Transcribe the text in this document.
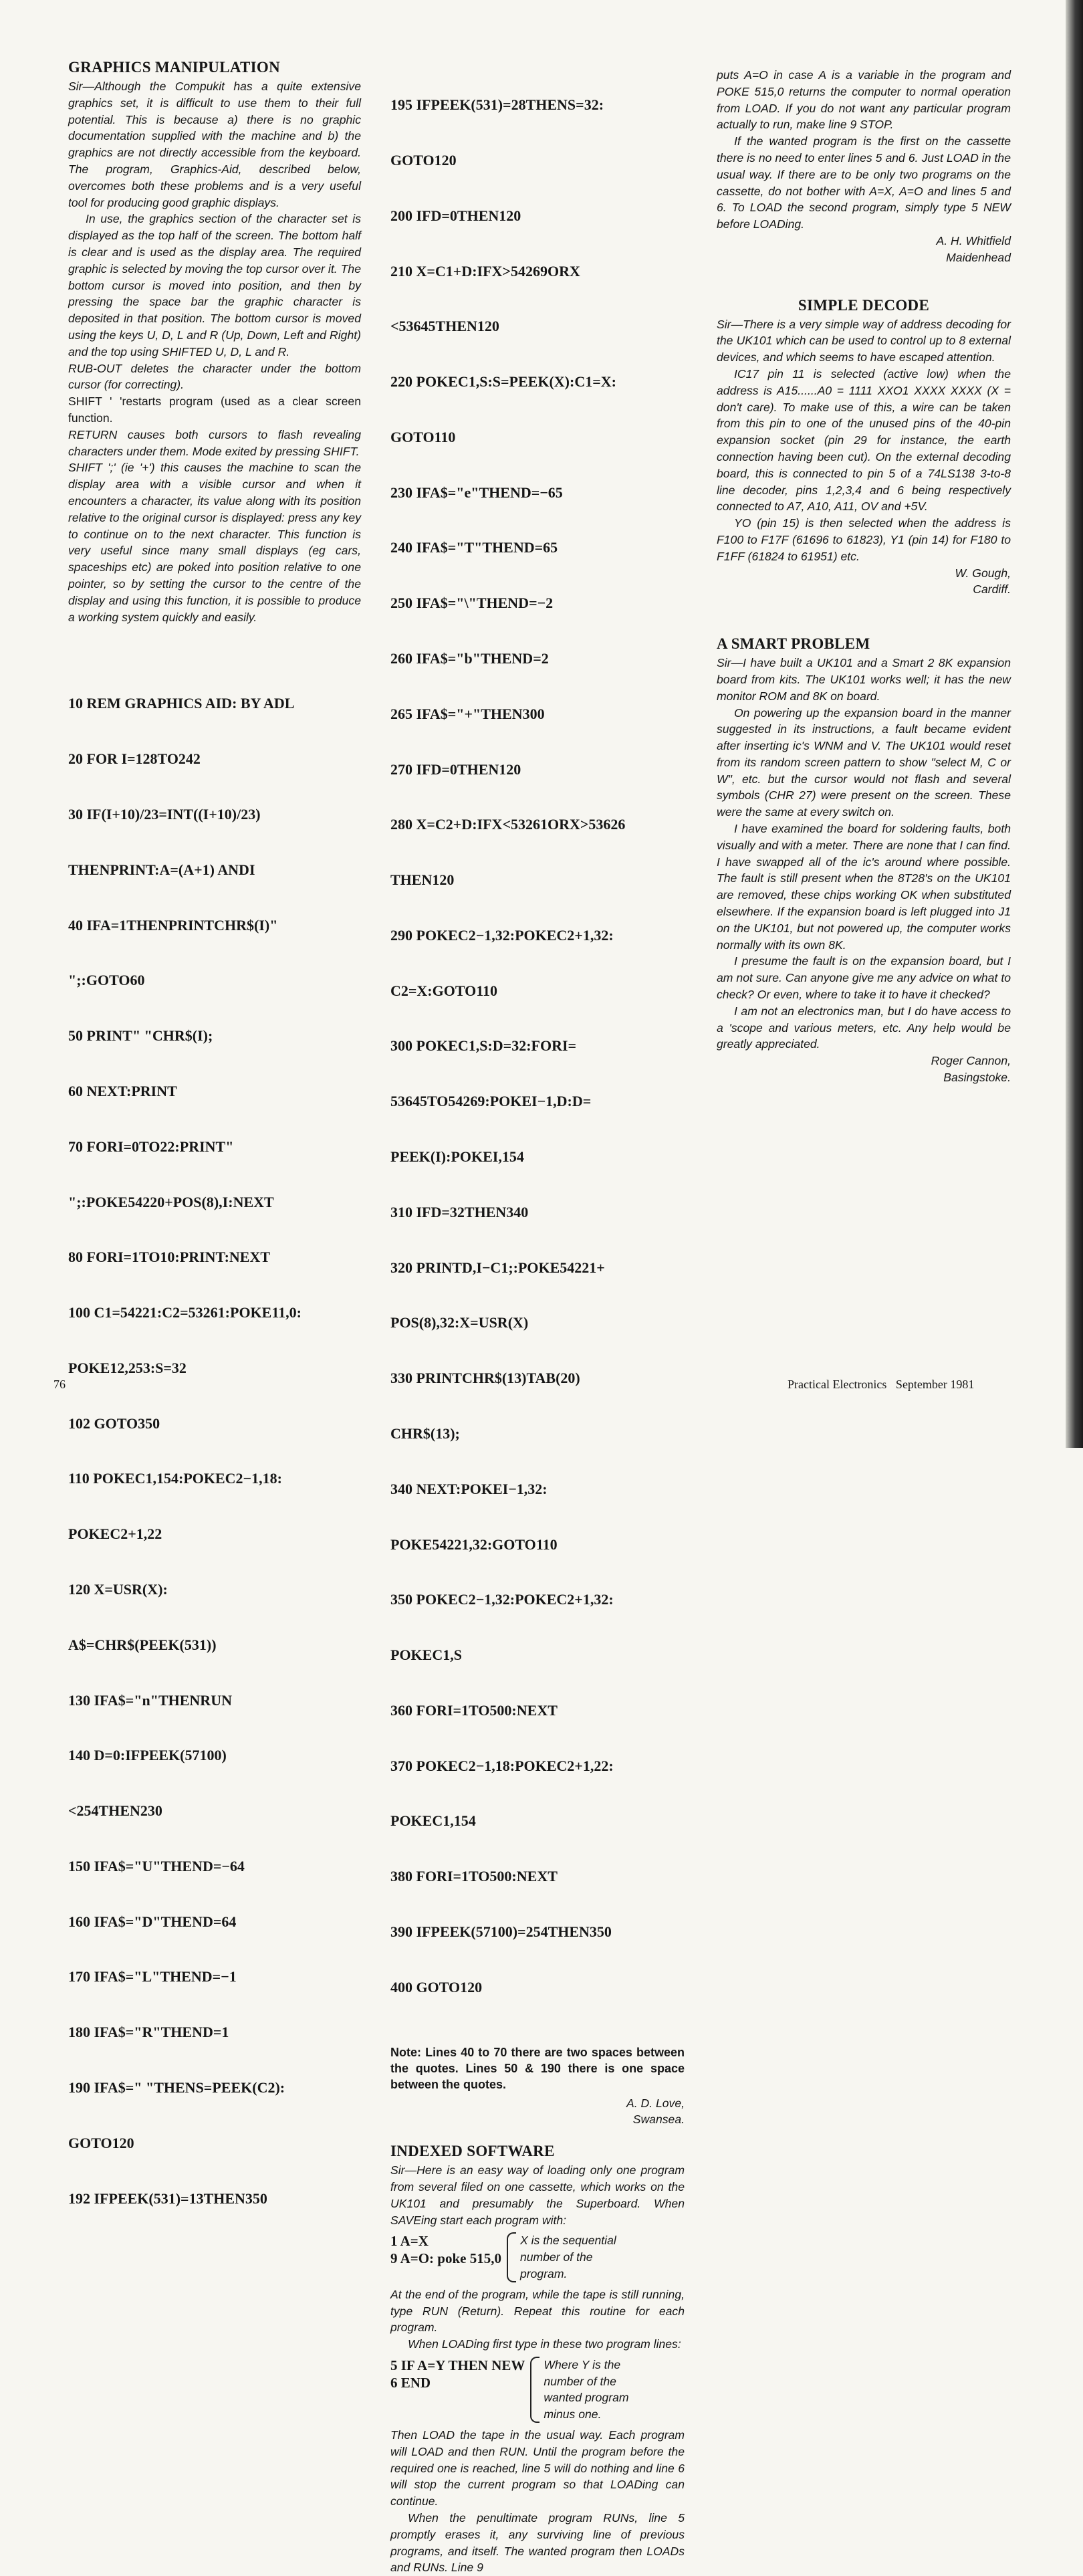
GRAPHICS MANIPULATION

Sir—Although the Compukit has a quite extensive graphics set, it is difficult to use them to their full potential. This is because a) there is no graphic documentation supplied with the machine and b) the graphics are not directly accessible from the keyboard. The program, Graphics-Aid, described below, overcomes both these problems and is a very useful tool for producing good graphic displays.

In use, the graphics section of the character set is displayed as the top half of the screen. The bottom half is clear and is used as the display area. The required graphic is selected by moving the top cursor over it. The bottom cursor is moved into position, and then by pressing the space bar the graphic character is deposited in that position. The bottom cursor is moved using the keys U, D, L and R (Up, Down, Left and Right) and the top using SHIFTED U, D, L and R.

RUB-OUT deletes the character under the bottom cursor (for correcting).

SHIFT ' 'restarts program (used as a clear screen function.

RETURN causes both cursors to flash revealing characters under them. Mode exited by pressing SHIFT.

SHIFT ';' (ie '+') this causes the machine to scan the display area with a visible cursor and when it encounters a character, its value along with its position relative to the original cursor is displayed: press any key to continue on to the next character. This function is very useful since many small displays (eg cars, spaceships etc) are poked into position relative to one pointer, so by setting the cursor to the centre of the display and using this function, it is possible to produce a working system quickly and easily.

10 REM GRAPHICS AID: BY ADL

20 FOR I=128TO242

30 IF(I+10)/23=INT((I+10)/23)

THENPRINT:A=(A+1) ANDI

40 IFA=1THENPRINTCHR$(I)"

";:GOTO60

50 PRINT" "CHR$(I);

60 NEXT:PRINT

70 FORI=0TO22:PRINT"

";:POKE54220+POS(8),I:NEXT

80 FORI=1TO10:PRINT:NEXT

100 C1=54221:C2=53261:POKE11,0:

POKE12,253:S=32

102 GOTO350

110 POKEC1,154:POKEC2−1,18:

POKEC2+1,22

120 X=USR(X):

A$=CHR$(PEEK(531))

130 IFA$="n"THENRUN

140 D=0:IFPEEK(57100)

<254THEN230

150 IFA$="U"THEND=−64

160 IFA$="D"THEND=64

170 IFA$="L"THEND=−1

180 IFA$="R"THEND=1

190 IFA$=" "THENS=PEEK(C2):

GOTO120

192 IFPEEK(531)=13THEN350

195 IFPEEK(531)=28THENS=32:

GOTO120

200 IFD=0THEN120

210 X=C1+D:IFX>54269ORX

<53645THEN120

220 POKEC1,S:S=PEEK(X):C1=X:

GOTO110

230 IFA$="e"THEND=−65

240 IFA$="T"THEND=65

250 IFA$="\"THEND=−2

260 IFA$="b"THEND=2

265 IFA$="+"THEN300

270 IFD=0THEN120

280 X=C2+D:IFX<53261ORX>53626

THEN120

290 POKEC2−1,32:POKEC2+1,32:

C2=X:GOTO110

300 POKEC1,S:D=32:FORI=

53645TO54269:POKEI−1,D:D=

PEEK(I):POKEI,154

310 IFD=32THEN340

320 PRINTD,I−C1;:POKE54221+

POS(8),32:X=USR(X)

330 PRINTCHR$(13)TAB(20)

CHR$(13);

340 NEXT:POKEI−1,32:

POKE54221,32:GOTO110

350 POKEC2−1,32:POKEC2+1,32:

POKEC1,S

360 FORI=1TO500:NEXT

370 POKEC2−1,18:POKEC2+1,22:

POKEC1,154

380 FORI=1TO500:NEXT

390 IFPEEK(57100)=254THEN350

400 GOTO120

Note: Lines 40 to 70 there are two spaces between the quotes. Lines 50 & 190 there is one space between the quotes.
A. D. Love,
Swansea.
INDEXED SOFTWARE

Sir—Here is an easy way of loading only one program from several filed on one cassette, which works on the UK101 and presumably the Superboard. When SAVEing start each program with:

1 A=X
9 A=O: poke 515,0
X is the sequential
number of the
program.

At the end of the program, while the tape is still running, type RUN (Return). Repeat this routine for each program.

When LOADing first type in these two program lines:

5 IF A=Y THEN NEW
6 END
Where Y is the
number of the
wanted program
minus one.

Then LOAD the tape in the usual way. Each program will LOAD and then RUN. Until the program before the required one is reached, line 5 will do nothing and line 6 will stop the current program so that LOADing can continue.

When the penultimate program RUNs, line 5 promptly erases it, any surviving line of previous programs, and itself. The wanted program then LOADs and RUNs. Line 9

puts A=O in case A is a variable in the program and POKE 515,0 returns the computer to normal operation from LOAD. If you do not want any particular program actually to run, make line 9 STOP.

If the wanted program is the first on the cassette there is no need to enter lines 5 and 6. Just LOAD in the usual way. If there are to be only two programs on the cassette, do not bother with A=X, A=O and lines 5 and 6. To LOAD the second program, simply type 5 NEW before LOADing.

A. H. Whitfield
Maidenhead
SIMPLE DECODE

Sir—There is a very simple way of address decoding for the UK101 which can be used to control up to 8 external devices, and which seems to have escaped attention.

IC17 pin 11 is selected (active low) when the address is A15......A0 = 1111 XXO1 XXXX XXXX (X = don't care). To make use of this, a wire can be taken from this pin to one of the unused pins of the 40-pin expansion socket (pin 29 for instance, the earth connection having been cut). On the external decoding board, this is connected to pin 5 of a 74LS138 3-to-8 line decoder, pins 1,2,3,4 and 6 being respectively connected to A7, A10, A11, OV and +5V.

YO (pin 15) is then selected when the address is F100 to F17F (61696 to 61823), Y1 (pin 14) for F180 to F1FF (61824 to 61951) etc.

W. Gough,
Cardiff.
A SMART PROBLEM

Sir—I have built a UK101 and a Smart 2 8K expansion board from kits. The UK101 works well; it has the new monitor ROM and 8K on board.

On powering up the expansion board in the manner suggested in its instructions, a fault became evident after inserting ic's WNM and V. The UK101 would reset from its random screen pattern to show "select M, C or W", etc. but the cursor would not flash and several symbols (CHR 27) were present on the screen. These were the same at every switch on.

I have examined the board for soldering faults, both visually and with a meter. There are none that I can find. I have swapped all of the ic's around where possible. The fault is still present when the 8T28's on the UK101 are removed, these chips working OK when substituted elsewhere. If the expansion board is left plugged into J1 on the UK101, but not powered up, the computer works normally with its own 8K.

I presume the fault is on the expansion board, but I am not sure. Can anyone give me any advice on what to check? Or even, where to take it to have it checked?

I am not an electronics man, but I do have access to a 'scope and various meters, etc. Any help would be greatly appreciated.

Roger Cannon,
Basingstoke.
76	Practical Electronics   September 1981
